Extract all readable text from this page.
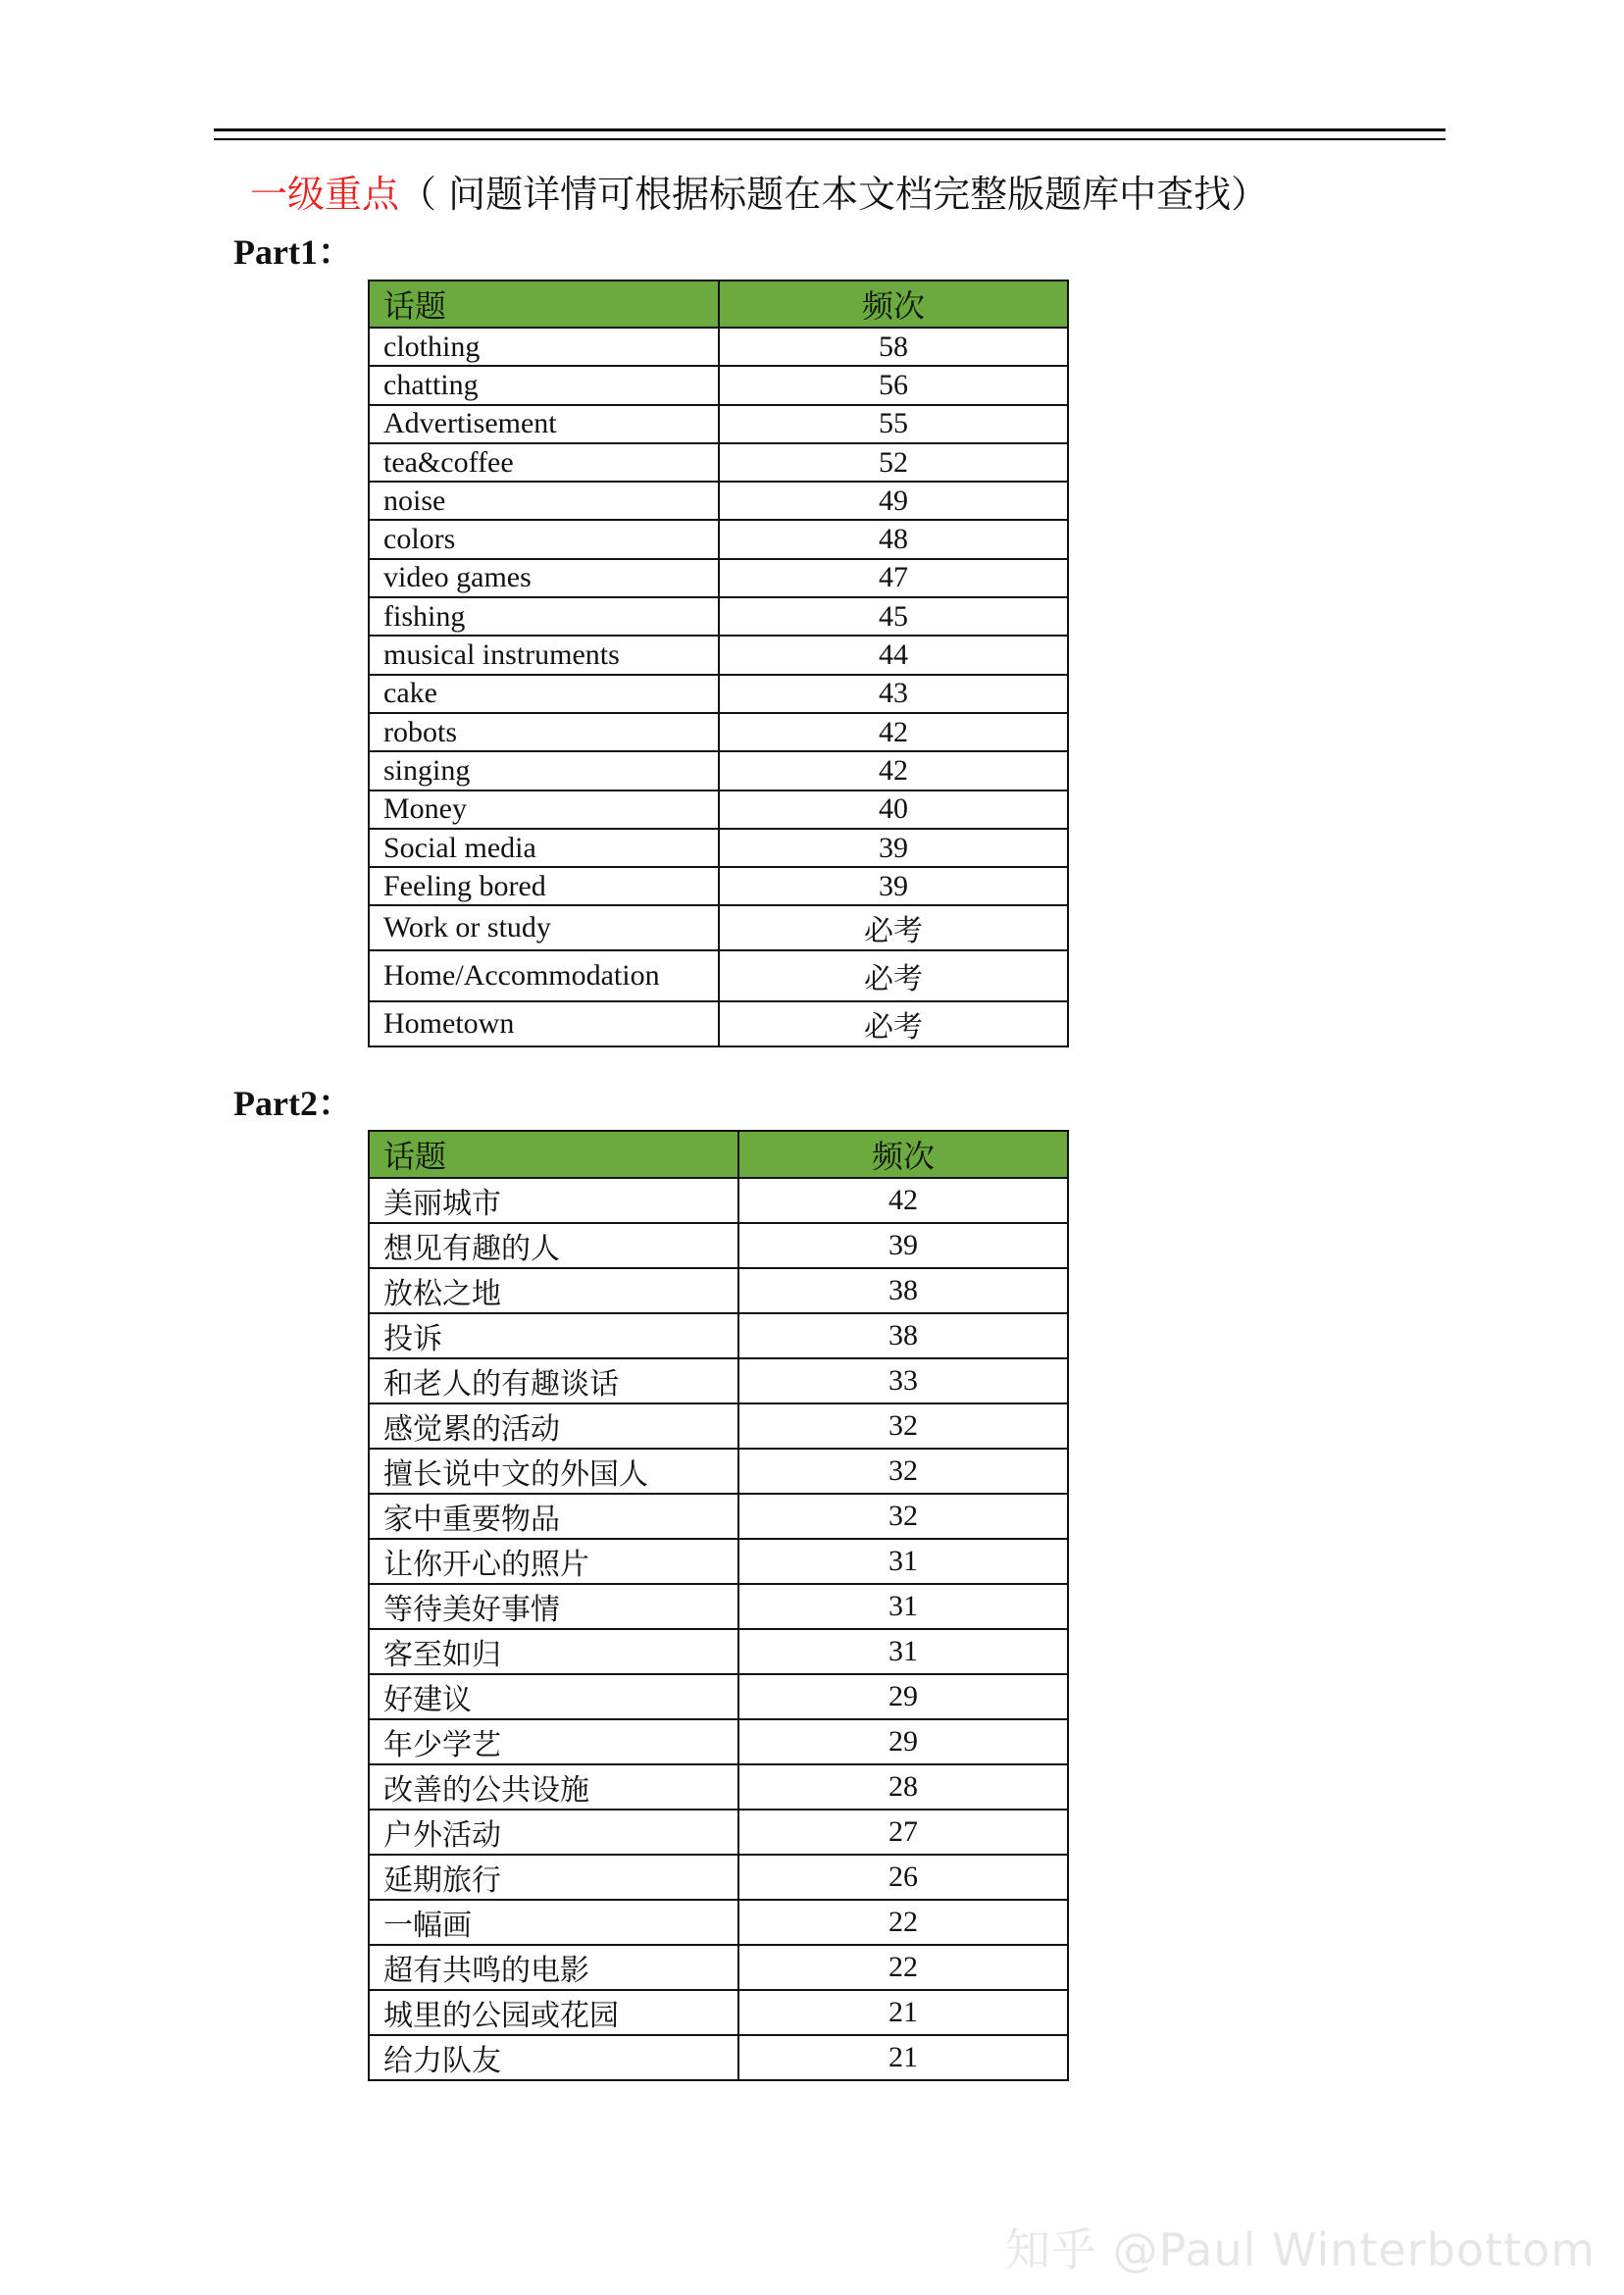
一级重点（ 问题详情可根据标题在本文档完整版题库中查找）
Part1：
话题	频次
clothing	58
chatting	56
Advertisement	55
tea&coffee	52
noise	49
colors	48
video games	47
fishing	45
musical instruments	44
cake	43
robots	42
singing	42
Money	40
Social media	39
Feeling bored	39
Work or study	必考
Home/Accommodation	必考
Hometown	必考
Part2：
话题	频次
美丽城市	42
想见有趣的人	39
放松之地	38
投诉	38
和老人的有趣谈话	33
感觉累的活动	32
擅长说中文的外国人	32
家中重要物品	32
让你开心的照片	31
等待美好事情	31
客至如归	31
好建议	29
年少学艺	29
改善的公共设施	28
户外活动	27
延期旅行	26
一幅画	22
超有共鸣的电影	22
城里的公园或花园	21
给力队友	21
知乎 @Paul Winterbottom
